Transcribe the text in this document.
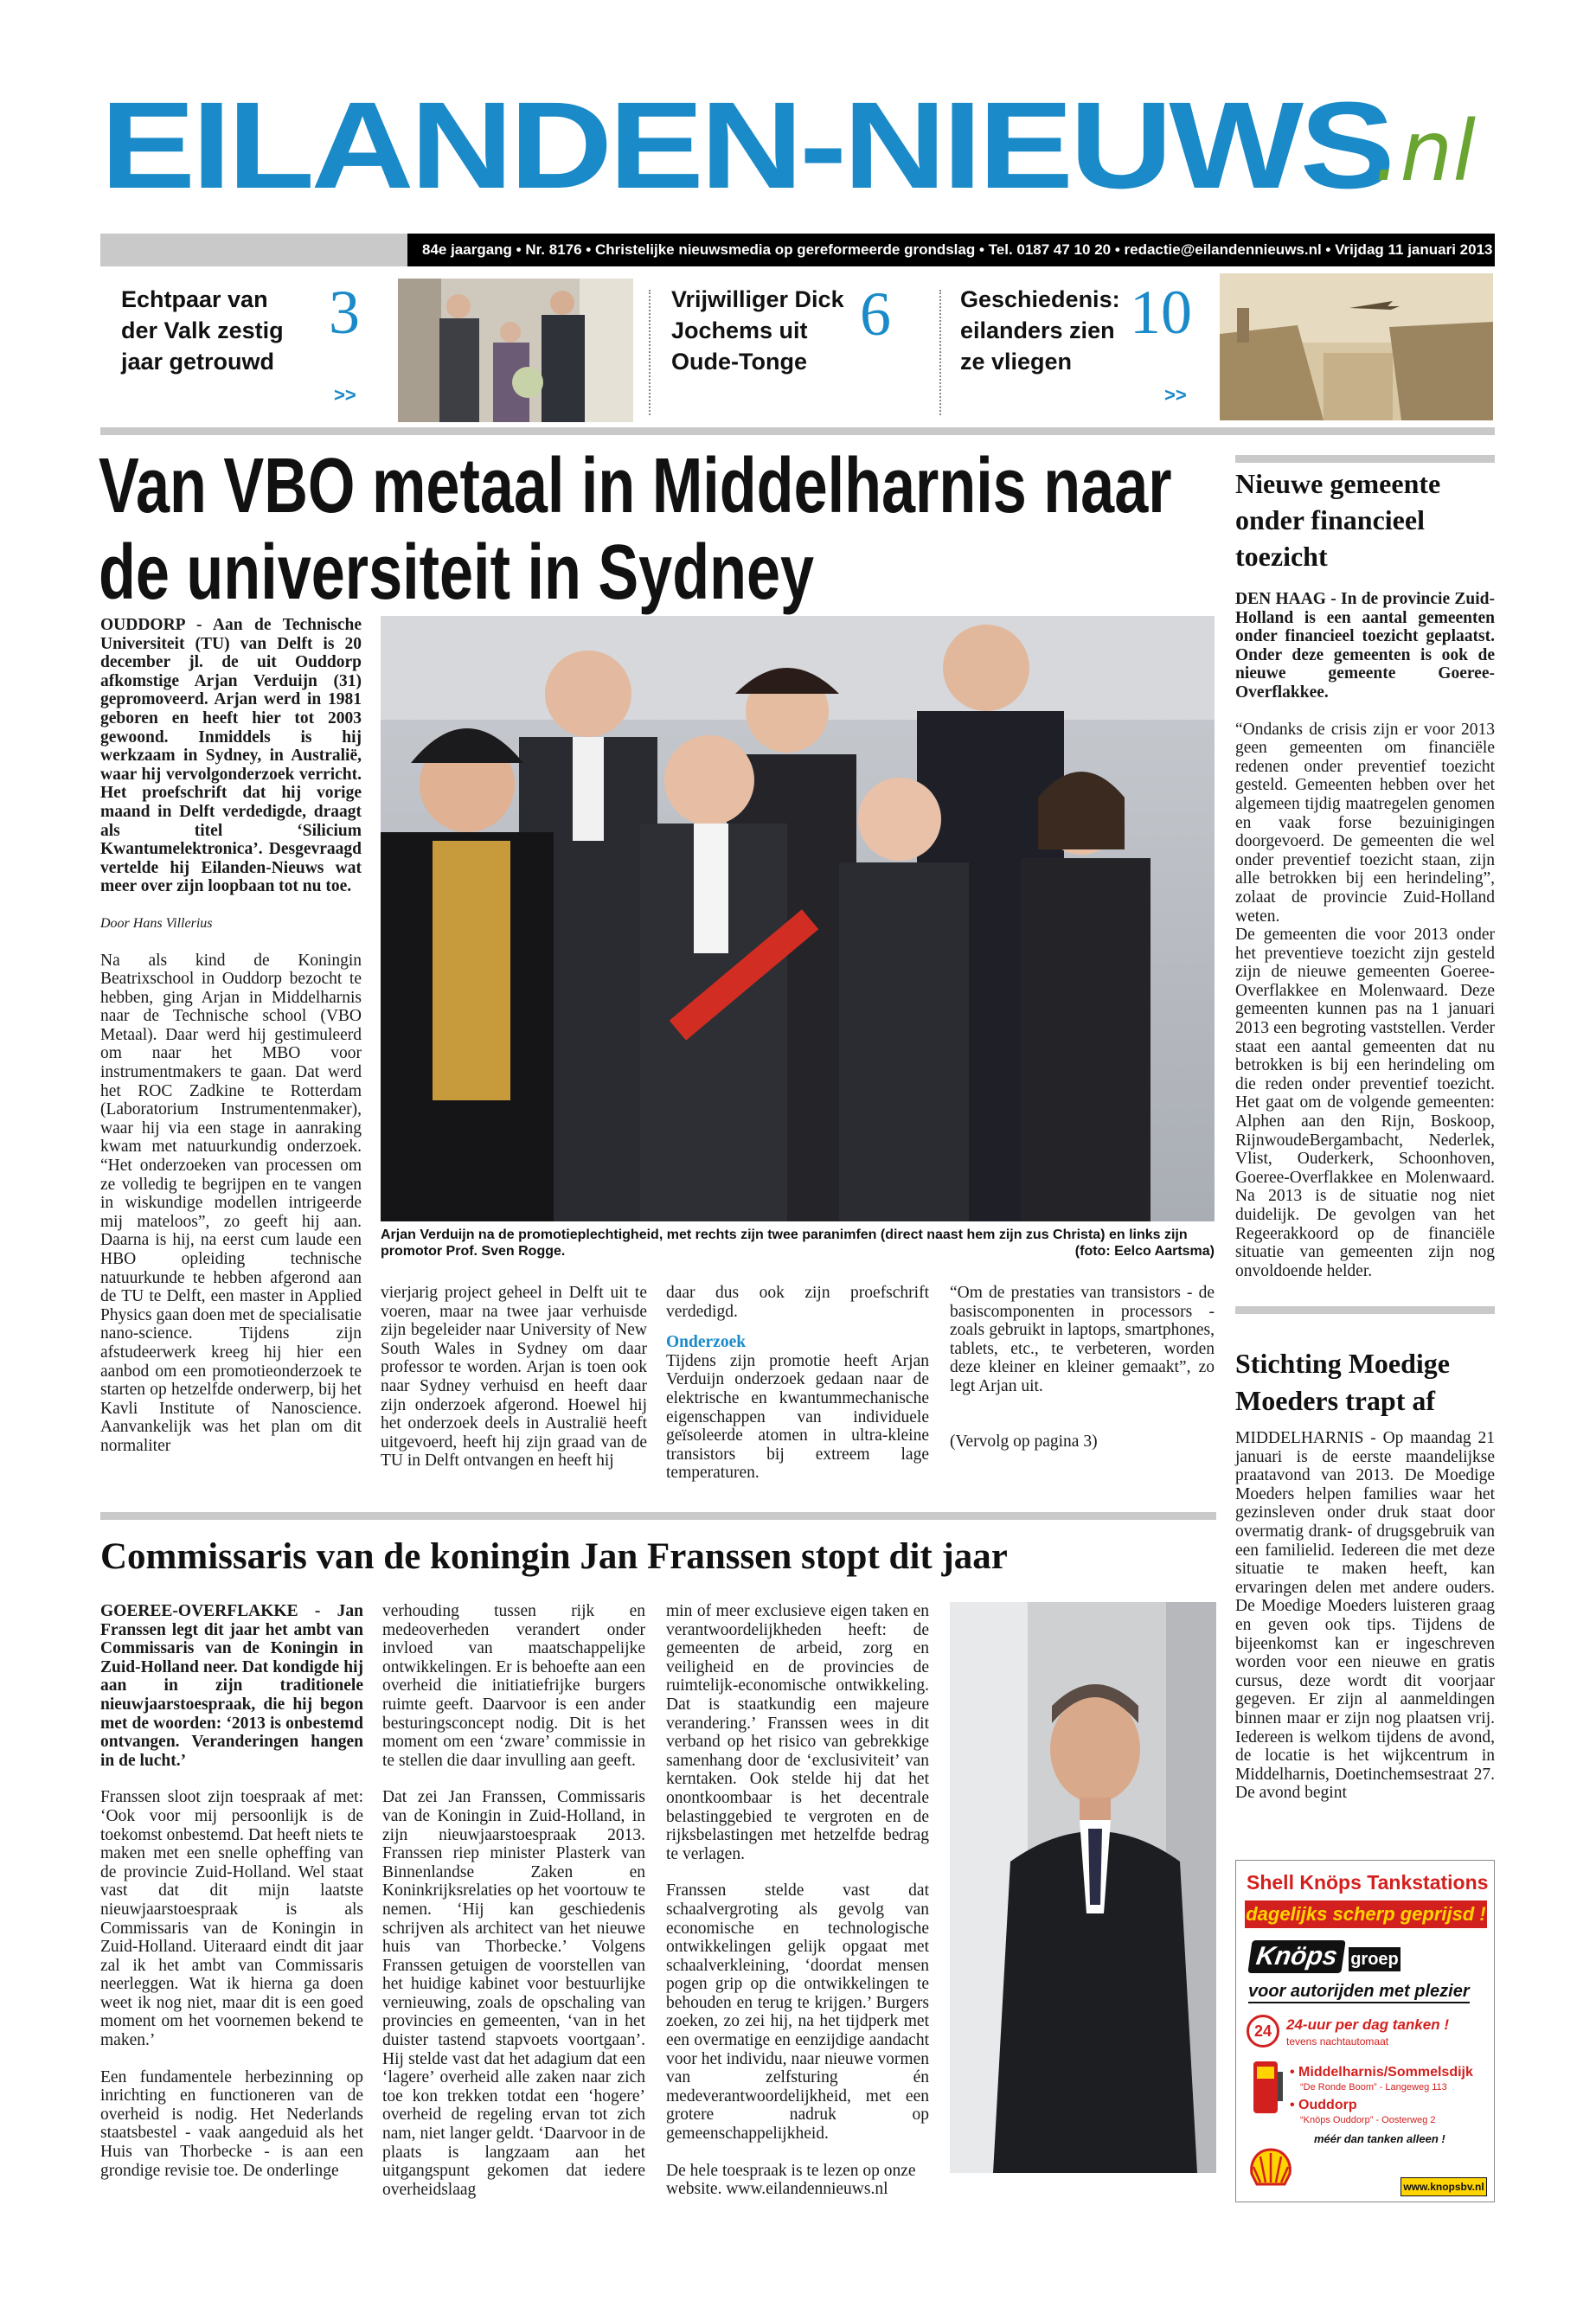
EILANDEN-NIEUWS
.nl
84e jaargang • Nr. 8176 • Christelijke nieuwsmedia op gereformeerde grondslag • Tel. 0187 47 10 20 • redactie@eilandennieuws.nl • Vrijdag 11 januari 2013
Echtpaar van der Valk zestig jaar getrouwd
3
>>
Vrijwilliger Dick Jochems uit Oude-Tonge
6	Geschiedenis: eilanders zien ze vliegen
10
>>
Van VBO metaal in Middelharnis naar
de universiteit in Sydney

OUDDORP - Aan de Technische Universiteit (TU) van Delft is 20 december jl. de uit Ouddorp afkomstige Arjan Verduijn (31) gepromoveerd. Arjan werd in 1981 geboren en heeft hier tot 2003 gewoond. Inmiddels is hij werkzaam in Sydney, in Australië, waar hij vervolgonderzoek verricht. Het proefschrift dat hij vorige maand in Delft verdedigde, draagt als titel ‘Silicium Kwantumelektronica’. Desgevraagd vertelde hij Eilanden-Nieuws wat meer over zijn loopbaan tot nu toe.

Door Hans Villerius

Na als kind de Koningin Beatrixschool in Ouddorp bezocht te hebben, ging Arjan in Middelharnis naar de Technische school (VBO Metaal). Daar werd hij gestimuleerd om naar het MBO voor instrumentmakers te gaan. Dat werd het ROC Zadkine te Rotterdam (Laboratorium Instrumentenmaker), waar hij via een stage in aanraking kwam met natuurkundig onderzoek. “Het onderzoeken van processen om ze volledig te begrijpen en te vangen in wiskundige modellen intrigeerde mij mateloos”, zo geeft hij aan. Daarna is hij, na eerst cum laude een HBO opleiding technische natuurkunde te hebben afgerond aan de TU te Delft, een master in Applied Physics gaan doen met de specialisatie nano-science. Tijdens zijn afstudeerwerk kreeg hij hier een aanbod om een promotieonderzoek te starten op hetzelfde onderwerp, bij het Kavli Institute of Nanoscience. Aanvankelijk was het plan om dit normaliter

Arjan Verduijn na de promotieplechtigheid, met rechts zijn twee paranimfen (direct naast hem zijn zus Christa) en links zijn promotor Prof. Sven Rogge.	(foto: Eelco Aartsma)

vierjarig project geheel in Delft uit te voeren, maar na twee jaar verhuisde zijn begeleider naar University of New South Wales in Sydney om daar professor te worden. Arjan is toen ook naar Sydney verhuisd en heeft daar zijn onderzoek afgerond. Hoewel hij het onderzoek deels in Australië heeft uitgevoerd, heeft hij zijn graad van de TU in Delft ontvangen en heeft hij

daar dus ook zijn proefschrift verdedigd.

Onderzoek

Tijdens zijn promotie heeft Arjan Verduijn onderzoek gedaan naar de elektrische en kwantummechanische eigenschappen van individuele geïsoleerde atomen in ultra-kleine transistors bij extreem lage temperaturen.

“Om de prestaties van transistors - de basiscomponenten in processors - zoals gebruikt in laptops, smartphones, tablets, etc., te verbeteren, worden deze kleiner en kleiner gemaakt”, zo legt Arjan uit.

(Vervolg op pagina 3)

Commissaris van de koningin Jan Franssen stopt dit jaar

GOEREE-OVERFLAKKE - Jan Franssen legt dit jaar het ambt van Commissaris van de Koningin in Zuid-Holland neer. Dat kondigde hij aan in zijn traditionele nieuwjaarstoespraak, die hij begon met de woorden: ‘2013 is onbestemd ontvangen. Veranderingen hangen in de lucht.’

Franssen sloot zijn toespraak af met: ‘Ook voor mij persoonlijk is de toekomst onbestemd. Dat heeft niets te maken met een snelle opheffing van de provincie Zuid-Holland. Wel staat vast dat dit mijn laatste nieuwjaarstoespraak is als Commissaris van de Koningin in Zuid-Holland. Uiteraard eindt dit jaar zal ik het ambt van Commissaris neerleggen. Wat ik hierna ga doen weet ik nog niet, maar dit is een goed moment om het voornemen bekend te maken.’

Een fundamentele herbezinning op inrichting en functioneren van de overheid is nodig. Het Nederlands staatsbestel - vaak aangeduid als het Huis van Thorbecke - is aan een grondige revisie toe. De onderlinge

verhouding tussen rijk en medeoverheden verandert onder invloed van maatschappelijke ontwikkelingen. Er is behoefte aan een overheid die initiatiefrijke burgers ruimte geeft. Daarvoor is een ander besturingsconcept nodig. Dit is het moment om een ‘zware’ commissie in te stellen die daar invulling aan geeft.

Dat zei Jan Franssen, Commissaris van de Koningin in Zuid-Holland, in zijn nieuwjaarstoespraak 2013. Franssen riep minister Plasterk van Binnenlandse Zaken en Koninkrijksrelaties op het voortouw te nemen. ‘Hij kan geschiedenis schrijven als architect van het nieuwe huis van Thorbecke.’ Volgens Franssen getuigen de voorstellen van het huidige kabinet voor bestuurlijke vernieuwing, zoals de opschaling van provincies en gemeenten, ‘van in het duister tastend stapvoets voortgaan’. Hij stelde vast dat het adagium dat een ‘lagere’ overheid alle zaken naar zich toe kon trekken totdat een ‘hogere’ overheid de regeling ervan tot zich nam, niet langer geldt. ‘Daarvoor in de plaats is langzaam aan het uitgangspunt gekomen dat iedere overheidslaag

min of meer exclusieve eigen taken en verantwoordelijkheden heeft: de gemeenten de arbeid, zorg en veiligheid en de provincies de ruimtelijk-economische ontwikkeling. Dat is staatkundig een majeure verandering.’ Franssen wees in dit verband op het risico van gebrekkige samenhang door de ‘exclusiviteit’ van kerntaken. Ook stelde hij dat het onontkoombaar is het decentrale belastinggebied te vergroten en de rijksbelastingen met hetzelfde bedrag te verlagen.

Franssen stelde vast dat schaalvergroting als gevolg van economische en technologische ontwikkelingen gelijk opgaat met schaalverkleining, ‘doordat mensen pogen grip op die ontwikkelingen te behouden en terug te krijgen.’ Burgers zoeken, zo zei hij, na het tijdperk met een overmatige en eenzijdige aandacht voor het individu, naar nieuwe vormen van zelfsturing én medeverantwoordelijkheid, met een grotere nadruk op gemeenschappelijkheid.

De hele toespraak is te lezen op onze website. www.eilandennieuws.nl

Nieuwe gemeente onder financieel toezicht

DEN HAAG - In de provincie Zuid-Holland is een aantal gemeenten onder financieel toezicht geplaatst. Onder deze gemeenten is ook de nieuwe gemeente Goeree-Overflakkee.

“Ondanks de crisis zijn er voor 2013 geen gemeenten om financiële redenen onder preventief toezicht gesteld. Gemeenten hebben over het algemeen tijdig maatregelen genomen en vaak forse bezuinigingen doorgevoerd. De gemeenten die wel onder preventief toezicht staan, zijn alle betrokken bij een herindeling”, zolaat de provincie Zuid-Holland weten.

De gemeenten die voor 2013 onder het preventieve toezicht zijn gesteld zijn de nieuwe gemeenten Goeree-Overflakkee en Molenwaard. Deze gemeenten kunnen pas na 1 januari 2013 een begroting vaststellen. Verder staat een aantal gemeenten dat nu betrokken is bij een herindeling om die reden onder preventief toezicht. Het gaat om de volgende gemeenten: Alphen aan den Rijn, Boskoop, RijnwoudeBergambacht, Nederlek, Vlist, Ouderkerk, Schoonhoven, Goeree-Overflakkee en Molenwaard. Na 2013 is de situatie nog niet duidelijk. De gevolgen van het Regeerakkoord op de financiële situatie van gemeenten zijn nog onvoldoende helder.

Stichting Moedige Moeders trapt af

MIDDELHARNIS - Op maandag 21 januari is de eerste maandelijkse praatavond van 2013. De Moedige Moeders helpen families waar het gezinsleven onder druk staat door overmatig drank- of drugsgebruik van een familielid. Iedereen die met deze situatie te maken heeft, kan ervaringen delen met andere ouders. De Moedige Moeders luisteren graag en geven ook tips. Tijdens de bijeenkomst kan er ingeschreven worden voor een nieuwe en gratis cursus, deze wordt dit voorjaar gegeven. Er zijn al aanmeldingen binnen maar er zijn nog plaatsen vrij. Iedereen is welkom tijdens de avond, de locatie is het wijkcentrum in Middelharnis, Doetinchemsestraat 27. De avond begint

Shell Knöps Tankstations
dagelijks scherp geprijsd !
Knöps groep
voor autorijden met plezier
24 24-uur per dag tanken !
tevens nachtautomaat
• Middelharnis/Sommelsdijk
“De Ronde Boom” - Langeweg 113
• Ouddorp
“Knöps Ouddorp” - Oosterweg 2
méér dan tanken alleen !
www.knopsbv.nl
